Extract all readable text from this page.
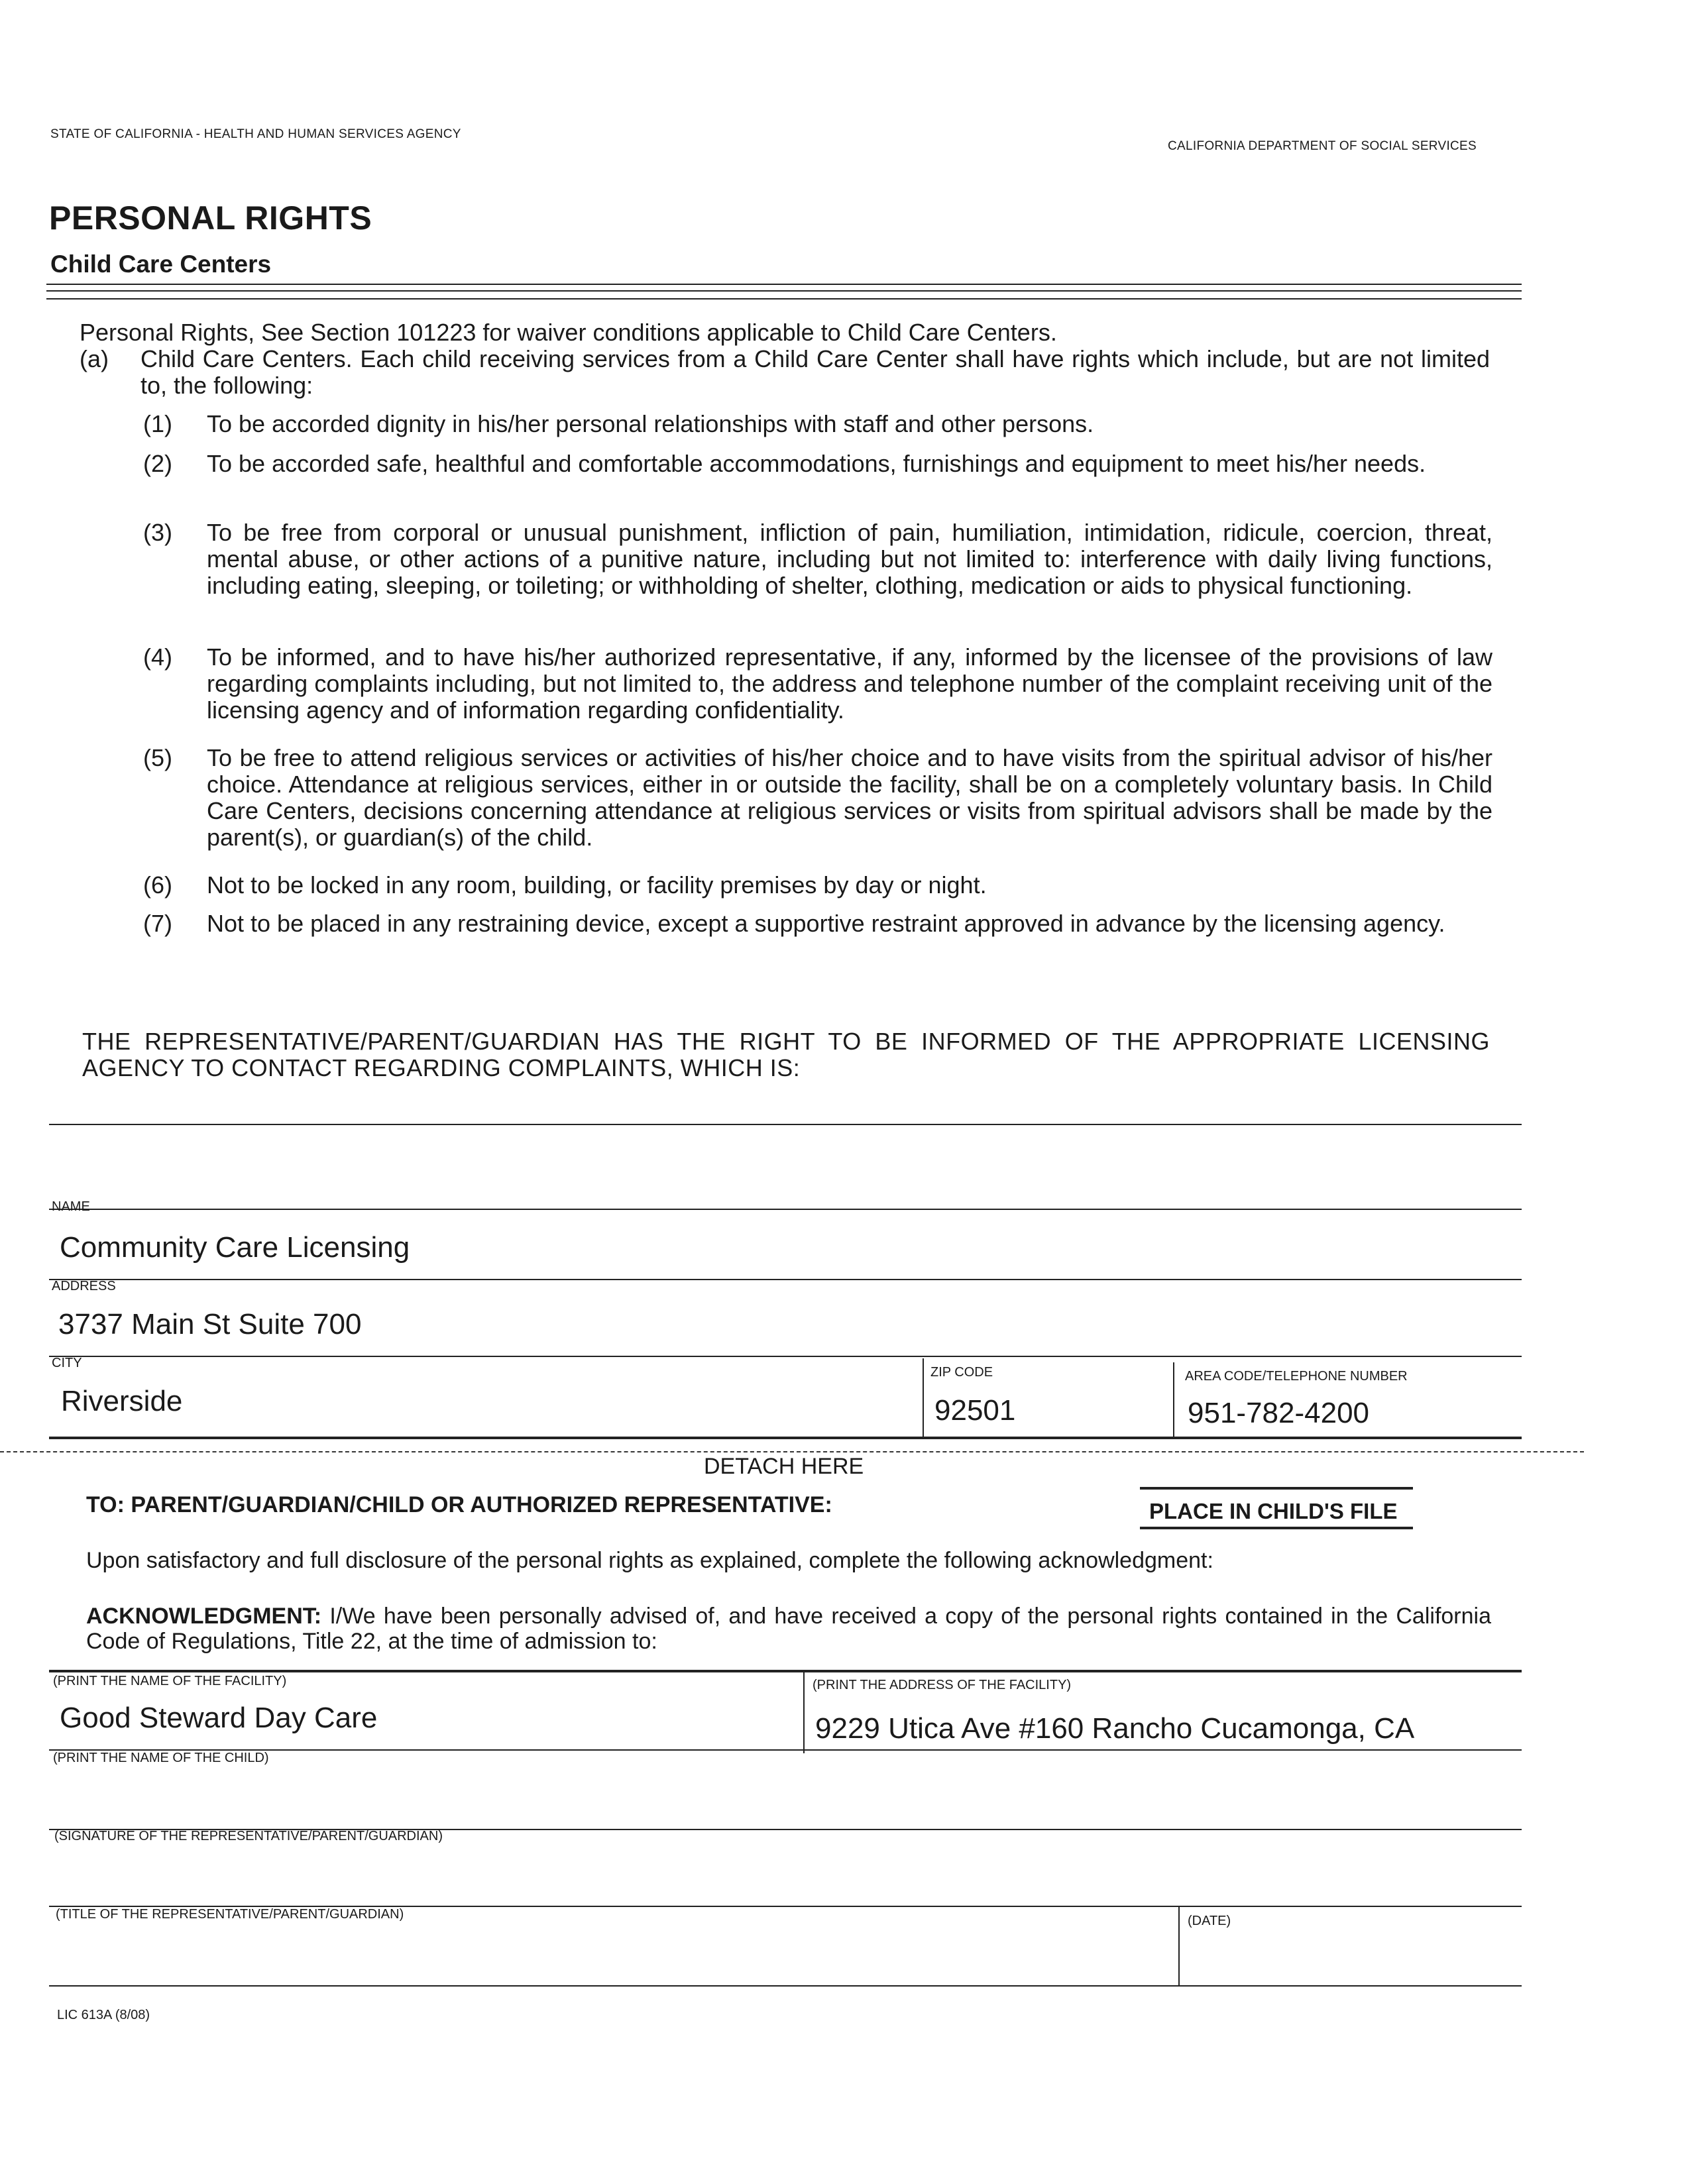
STATE OF CALIFORNIA - HEALTH AND HUMAN SERVICES AGENCY
CALIFORNIA DEPARTMENT OF SOCIAL SERVICES
PERSONAL RIGHTS
Child Care Centers
Personal Rights, See Section 101223 for waiver conditions applicable to Child Care Centers.
(a) Child Care Centers. Each child receiving services from a Child Care Center shall have rights which include, but are not limited to, the following:
(1)	To be accorded dignity in his/her personal relationships with staff and other persons.
(2)	To be accorded safe, healthful and comfortable accommodations, furnishings and equipment to meet his/her needs.
(3)	To be free from corporal or unusual punishment, infliction of pain, humiliation, intimidation, ridicule, coercion, threat, mental abuse, or other actions of a punitive nature, including but not limited to: interference with daily living functions, including eating, sleeping, or toileting; or withholding of shelter, clothing, medication or aids to physical functioning.
(4)	To be informed, and to have his/her authorized representative, if any, informed by the licensee of the provisions of law regarding complaints including, but not limited to, the address and telephone number of the complaint receiving unit of the licensing agency and of information regarding confidentiality.
(5)	To be free to attend religious services or activities of his/her choice and to have visits from the spiritual advisor of his/her choice. Attendance at religious services, either in or outside the facility, shall be on a completely voluntary basis. In Child Care Centers, decisions concerning attendance at religious services or visits from spiritual advisors shall be made by the parent(s), or guardian(s) of the child.
(6)	Not to be locked in any room, building, or facility premises by day or night.
(7)	Not to be placed in any restraining device, except a supportive restraint approved in advance by the licensing agency.
THE REPRESENTATIVE/PARENT/GUARDIAN HAS THE RIGHT TO BE INFORMED OF THE APPROPRIATE LICENSING AGENCY TO CONTACT REGARDING COMPLAINTS, WHICH IS:
NAME
Community Care Licensing
ADDRESS
3737 Main St Suite 700
CITY
Riverside
ZIP CODE
92501
AREA CODE/TELEPHONE NUMBER
951-782-4200
DETACH HERE
TO: PARENT/GUARDIAN/CHILD OR AUTHORIZED REPRESENTATIVE:	PLACE IN CHILD'S FILE
Upon satisfactory and full disclosure of the personal rights as explained, complete the following acknowledgment:
ACKNOWLEDGMENT: I/We have been personally advised of, and have received a copy of the personal rights contained in the California Code of Regulations, Title 22, at the time of admission to:
(PRINT THE NAME OF THE FACILITY)
Good Steward Day Care
(PRINT THE ADDRESS OF THE FACILITY)
9229 Utica Ave #160 Rancho Cucamonga, CA
(PRINT THE NAME OF THE CHILD)
(SIGNATURE OF THE REPRESENTATIVE/PARENT/GUARDIAN)
(TITLE OF THE REPRESENTATIVE/PARENT/GUARDIAN)	(DATE)
LIC 613A (8/08)
